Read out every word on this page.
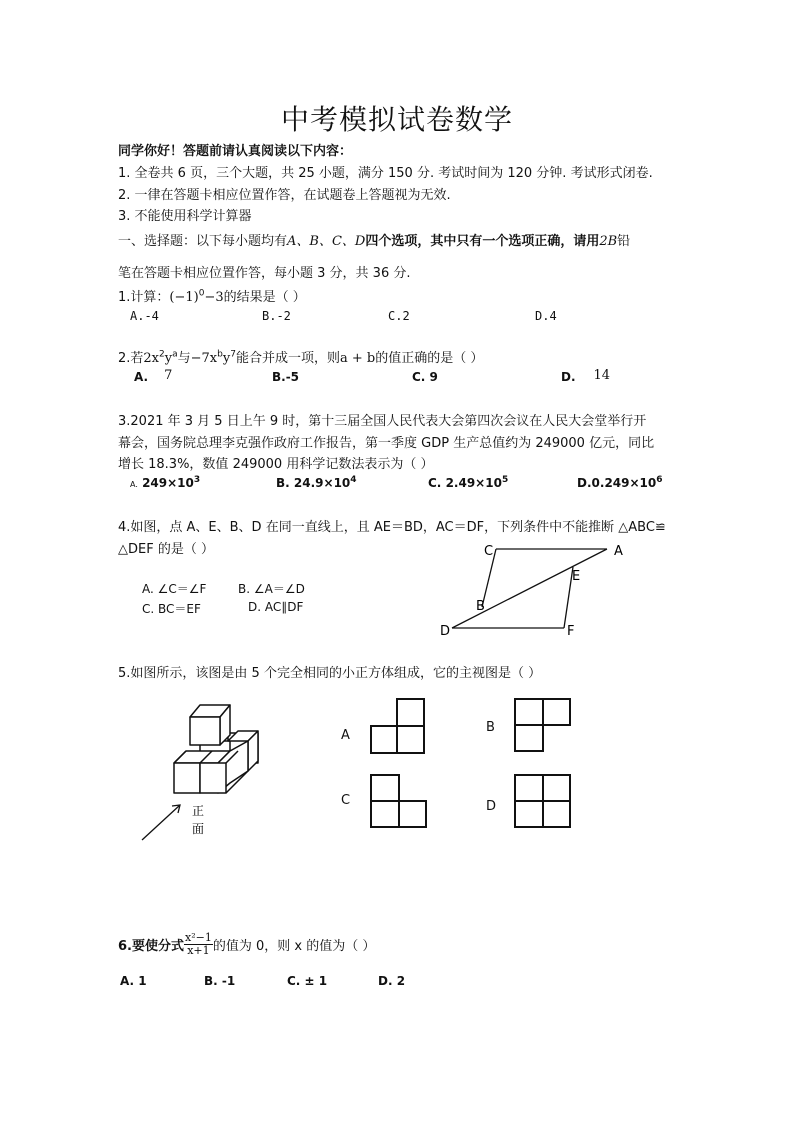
中考模拟试卷数学
同学你好！答题前请认真阅读以下内容：
1. 全卷共 6 页，三个大题，共 25 小题，满分 150 分. 考试时间为 120 分钟. 考试形式闭卷.
2. 一律在答题卡相应位置作答，在试题卷上答题视为无效.
3. 不能使用科学计算器
一、选择题：以下每小题均有A、B、C、D四个选项，其中只有一个选项正确，请用2B铅
笔在答题卡相应位置作答，每小题 3 分，共 36 分.
1.计算：$(-1)^0-3$的结果是（ ）
A.-4	B.-2	C.2	D.4
2.若$2x^2y^a$与$-7x^by^7$能合并成一项，则a + b的值正确的是（ ）
A. 7	B.-5	C. 9	D. 14
3.2021 年 3 月 5 日上午 9 时，第十三届全国人民代表大会第四次会议在人民大会堂举行开
幕会，国务院总理李克强作政府工作报告，第一季度 GDP 生产总值约为 249000 亿元，同比
增长 18.3%，数值 249000 用科学记数法表示为（ ）
A. $249\times 10^3$	B. $24.9\times 10^4$	C. $2.49\times 10^5$	$D.0.249\times 10^6$
4.如图，点 A、E、B、D 在同一直线上，且 AE＝BD，AC＝DF，下列条件中不能推断 △ABC≌
△DEF 的是（ ）
A. ∠C＝∠F	B. ∠A＝∠D
C. BC＝EF	D. AC∥DF
C	A
E
B
D	F
5.如图所示，该图是由 5 个完全相同的小正方体组成，它的主视图是（ ）
正
面
A
B
C	D
6.要使分式 $\frac{\text{x²−1}}{x+1}$ 的值为 0，则 x 的值为（ ）
A. 1	B. -1	C. ± 1	D. 2
